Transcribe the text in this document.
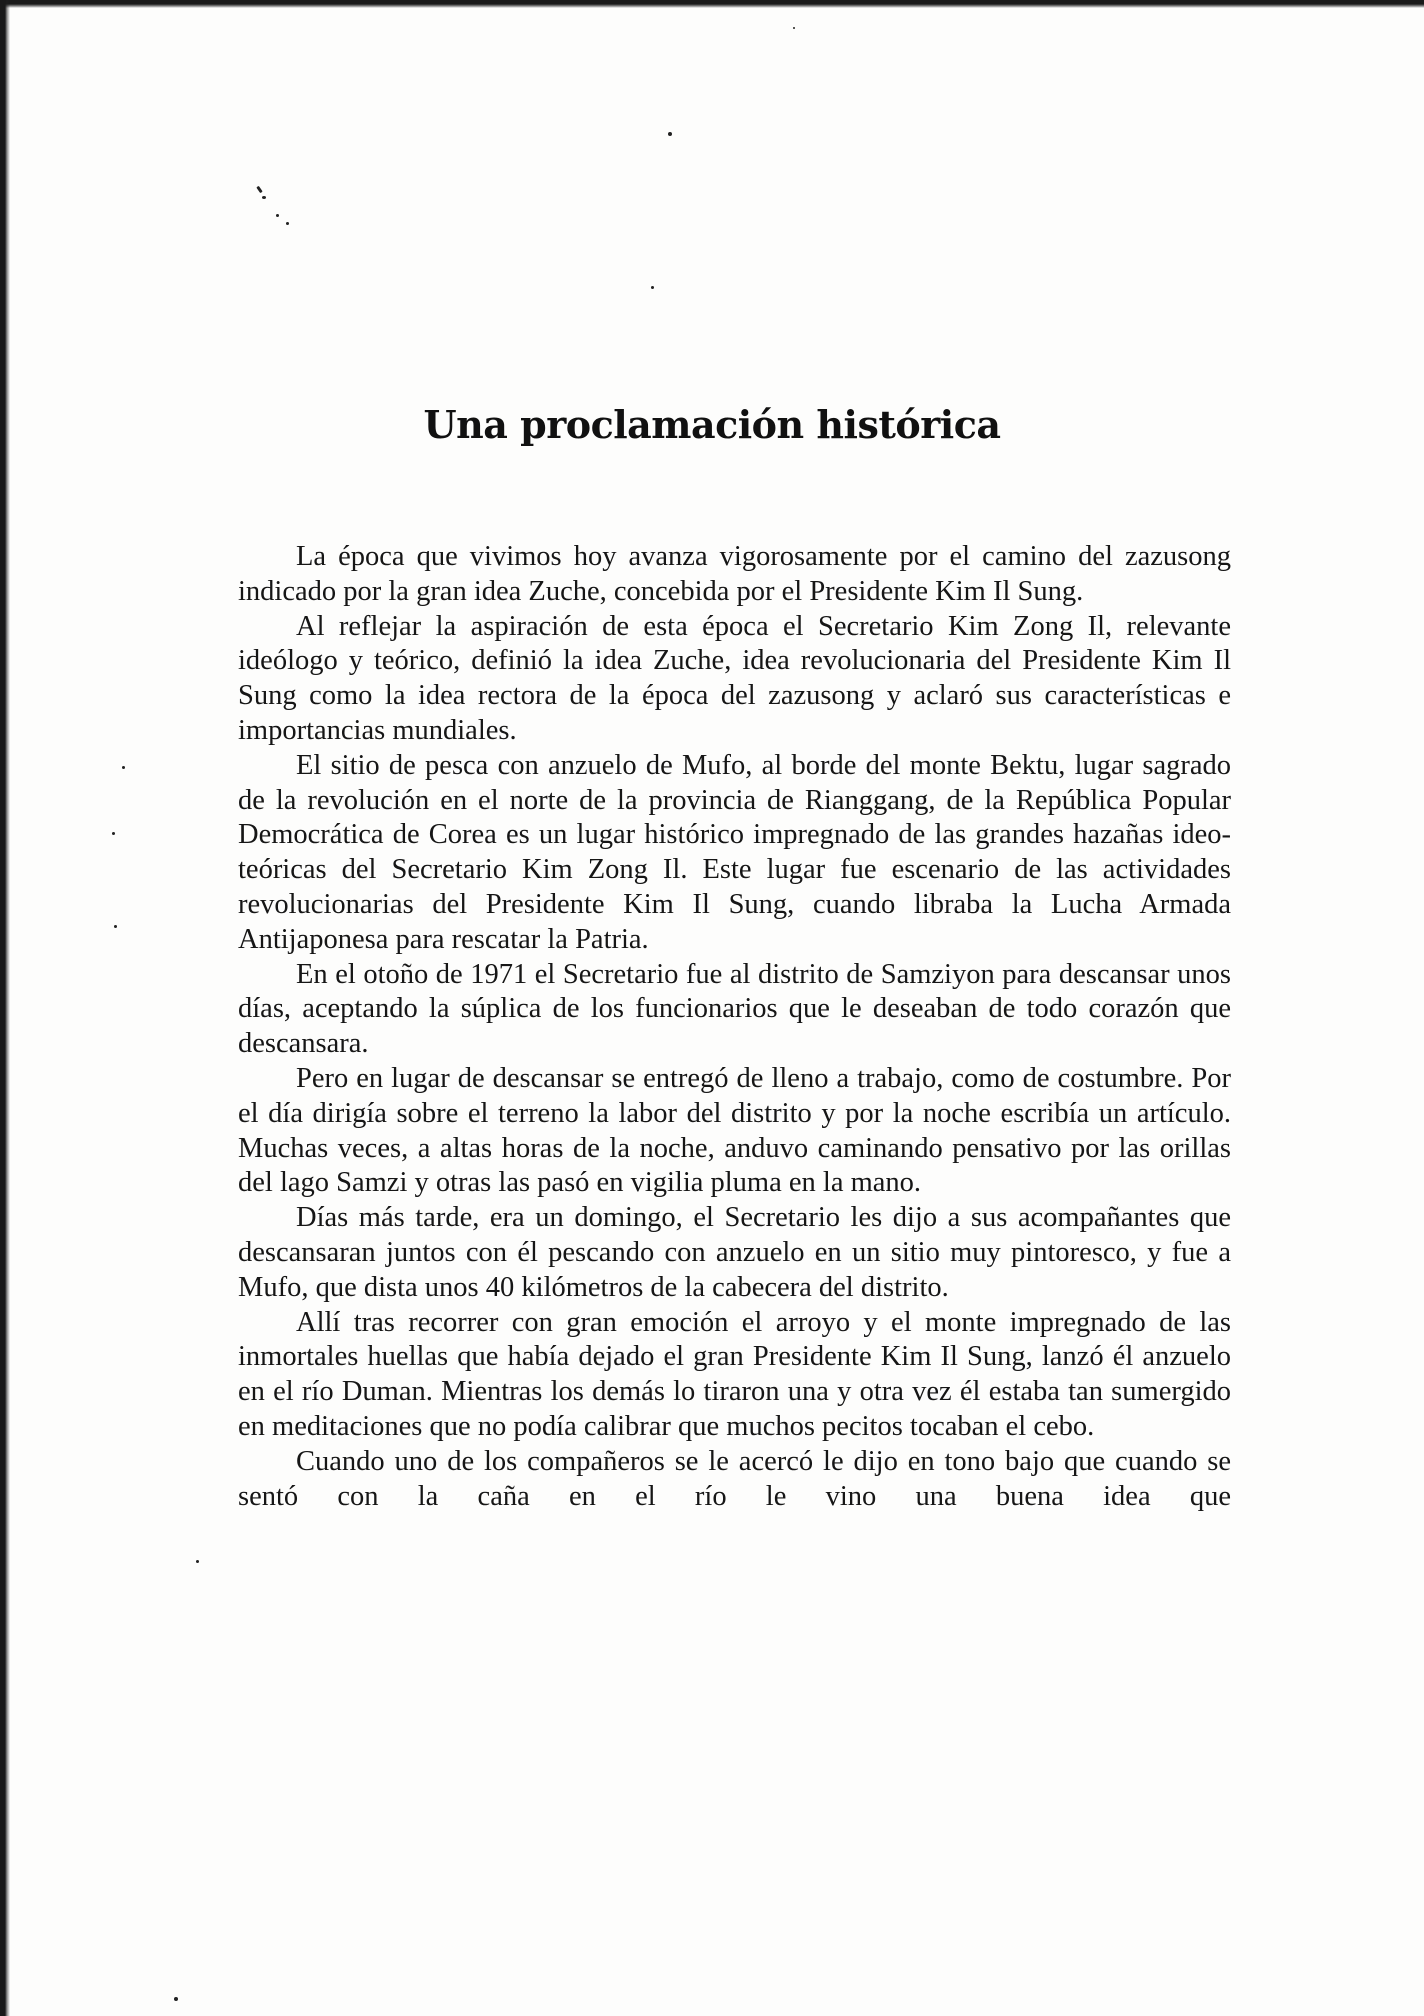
Una proclamación histórica

La época que vivimos hoy avanza vigorosamente por el camino del zazusong indicado por la gran idea Zuche, concebida por el Presidente Kim Il Sung.

Al reflejar la aspiración de esta época el Secretario Kim Zong Il, relevante ideólogo y teórico, definió la idea Zuche, idea revolucionaria del Presidente Kim Il Sung como la idea rectora de la época del zazusong y aclaró sus características e importancias mundiales.

El sitio de pesca con anzuelo de Mufo, al borde del monte Bektu, lugar sagrado de la revolución en el norte de la provincia de Rianggang, de la República Popular Democrática de Corea es un lugar histórico impregnado de las grandes hazañas ideo-teóricas del Secretario Kim Zong Il. Este lugar fue escenario de las actividades revolucionarias del Presidente Kim Il Sung, cuando libraba la Lucha Armada Antijaponesa para rescatar la Patria.

En el otoño de 1971 el Secretario fue al distrito de Samziyon para descansar unos días, aceptando la súplica de los funcionarios que le deseaban de todo corazón que descansara.

Pero en lugar de descansar se entregó de lleno a trabajo, como de costumbre. Por el día dirigía sobre el terreno la labor del distrito y por la noche escribía un artículo. Muchas veces, a altas horas de la noche, anduvo caminando pensativo por las orillas del lago Samzi y otras las pasó en vigilia pluma en la mano.

Días más tarde, era un domingo, el Secretario les dijo a sus acompañantes que descansaran juntos con él pescando con anzuelo en un sitio muy pintoresco, y fue a Mufo, que dista unos 40 kilómetros de la cabecera del distrito.

Allí tras recorrer con gran emoción el arroyo y el monte impregnado de las inmortales huellas que había dejado el gran Presidente Kim Il Sung, lanzó él anzuelo en el río Duman. Mientras los demás lo tiraron una y otra vez él estaba tan sumergido en meditaciones que no podía calibrar que muchos pecitos tocaban el cebo.

Cuando uno de los compañeros se le acercó le dijo en tono bajo que cuando se sentó con la caña en el río le vino una buena idea que
